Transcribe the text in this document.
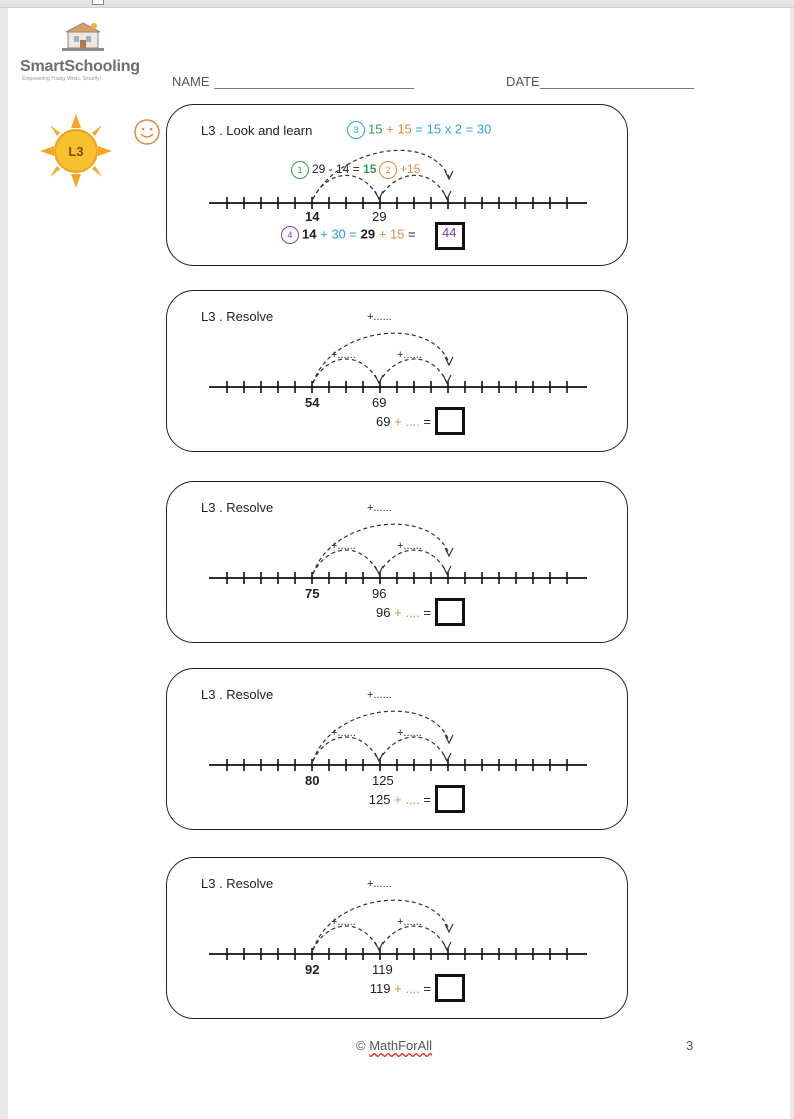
SmartSchooling
Empowering Young Minds, Smartly!	NAME	DATE
L3
L3 . Look and learn	3 15 + 15 = 15 x 2 = 30
1 29 - 14 = 15	2 +15
14	29
4 14 + 30 = 29 + 15 =	44
L3 . Resolve	+......
+......	+......
54	69
69 + .... =
L3 . Resolve	+......
+......	+......
75	96
96 + .... =
L3 . Resolve	+......
+......	+......
80	125
125 + .... =
L3 . Resolve	+......
+......	+......
92	119
119 + .... =
© MathForAll	3
